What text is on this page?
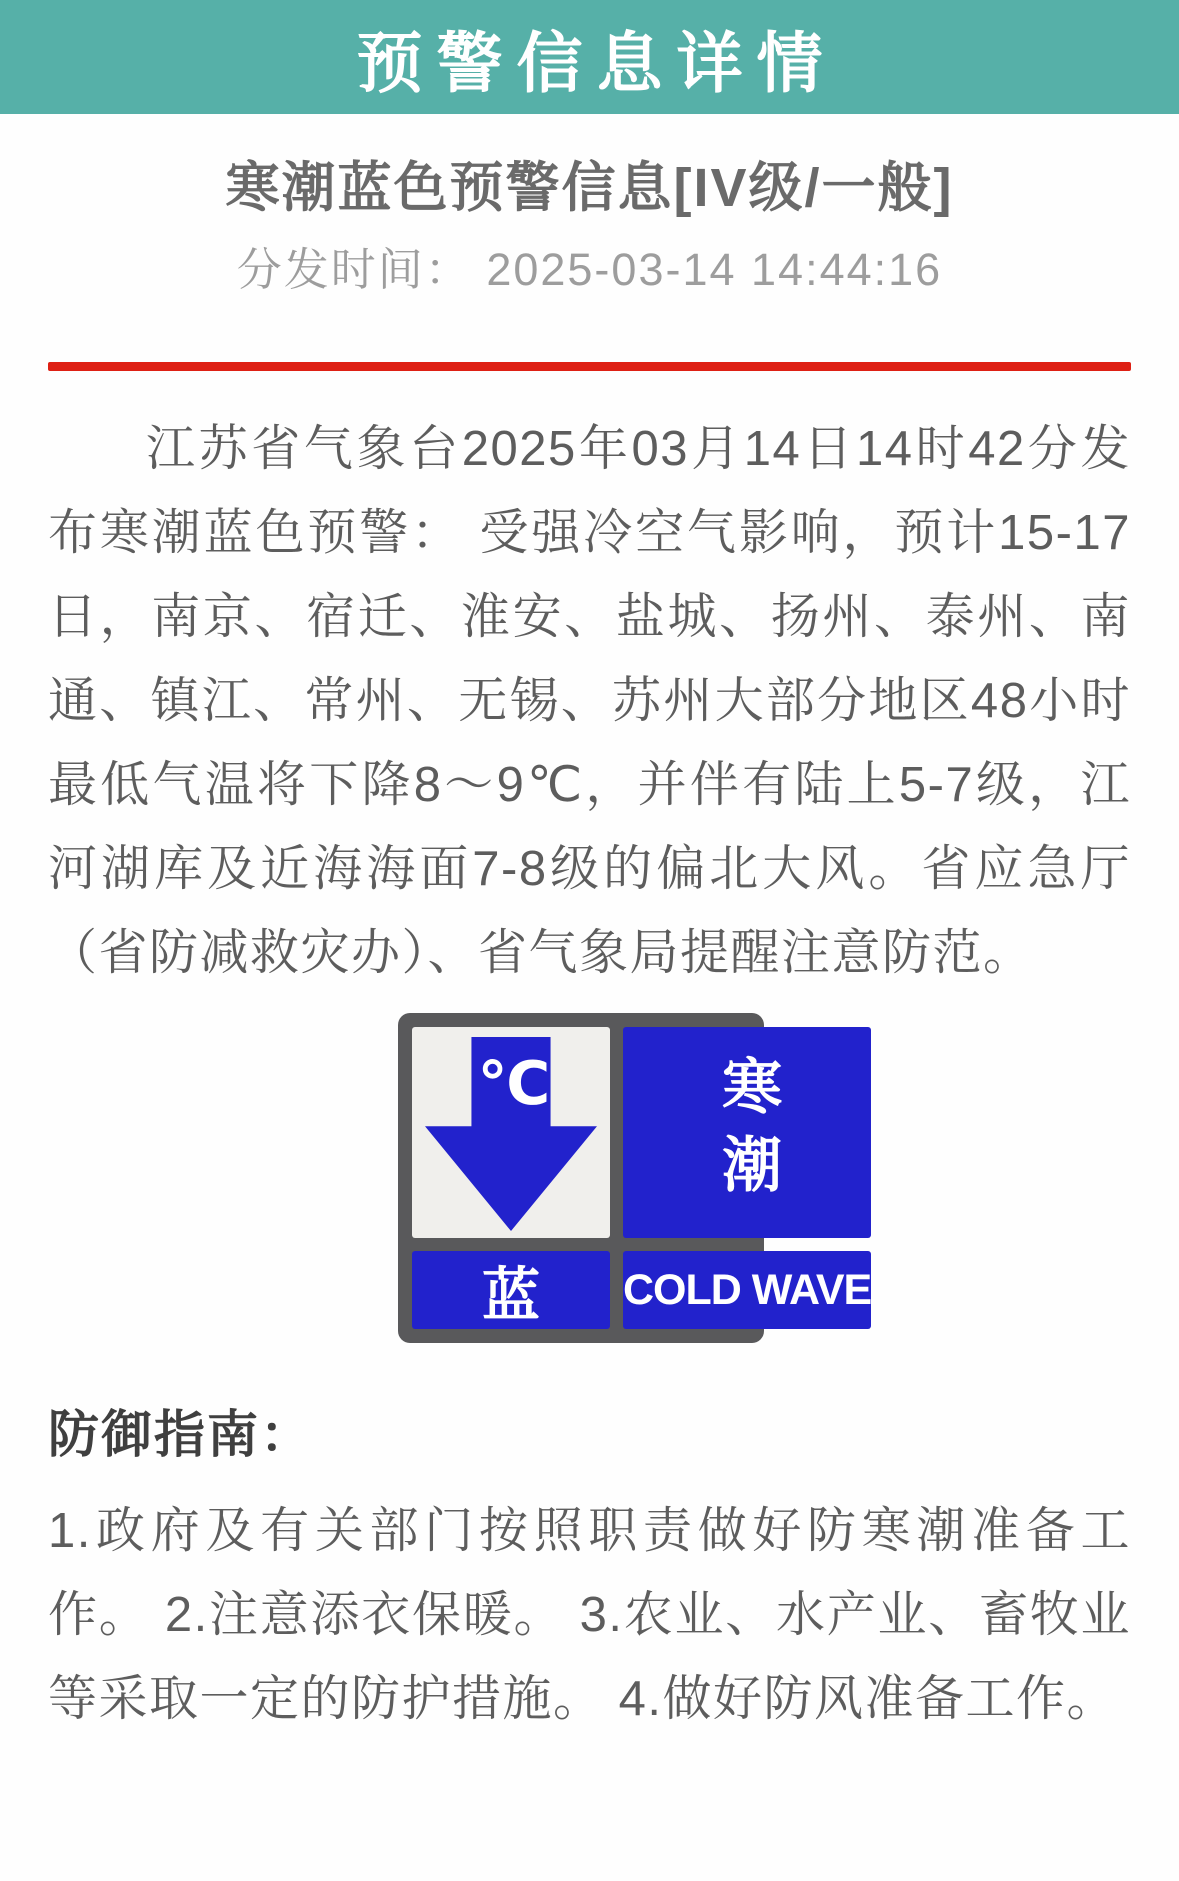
预警信息详情
寒潮蓝色预警信息[IV级/一般]
分发时间： 2025-03-14 14:44:16

江苏省气象台2025年03月14日14时42分发布寒潮蓝色预警： 受强冷空气影响，预计15-17日，南京、宿迁、淮安、盐城、扬州、泰州、南通、镇江、常州、无锡、苏州大部分地区48小时最低气温将下降8～9℃，并伴有陆上5-7级，江河湖库及近海海面7-8级的偏北大风。省应急厅（省防减救灾办）、省气象局提醒注意防范。

℃	寒潮
蓝	COLD WAVE
防御指南：

1.政府及有关部门按照职责做好防寒潮准备工作。 2.注意添衣保暖。 3.农业、水产业、畜牧业等采取一定的防护措施。 4.做好防风准备工作。
